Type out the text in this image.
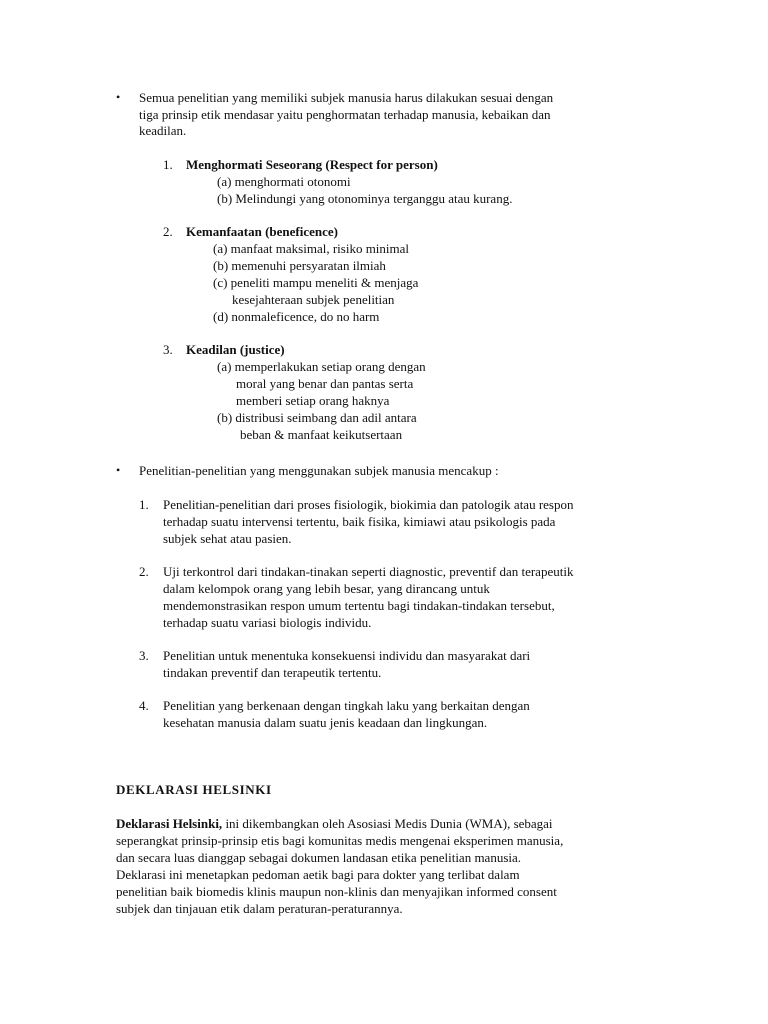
• Semua penelitian yang memiliki subjek manusia harus dilakukan sesuai dengan
tiga prinsip etik mendasar yaitu penghormatan terhadap manusia, kebaikan dan
keadilan.
1. Menghormati Seseorang (Respect for person)
(a) menghormati otonomi
(b) Melindungi yang otonominya terganggu atau kurang.
2. Kemanfaatan (beneficence)
(a) manfaat maksimal, risiko minimal
(b) memenuhi persyaratan ilmiah
(c) peneliti mampu meneliti & menjaga
kesejahteraan subjek penelitian
(d) nonmaleficence, do no harm
3. Keadilan (justice)
(a) memperlakukan setiap orang dengan
moral yang benar dan pantas serta
memberi setiap orang haknya
(b) distribusi seimbang dan adil antara
beban & manfaat keikutsertaan
• Penelitian-penelitian yang menggunakan subjek manusia mencakup :
1. Penelitian-penelitian dari proses fisiologik, biokimia dan patologik atau respon
terhadap suatu intervensi tertentu, baik fisika, kimiawi atau psikologis pada
subjek sehat atau pasien.
2. Uji terkontrol dari tindakan-tinakan seperti diagnostic, preventif dan terapeutik
dalam kelompok orang yang lebih besar, yang dirancang untuk
mendemonstrasikan respon umum tertentu bagi tindakan-tindakan tersebut,
terhadap suatu variasi biologis individu.
3. Penelitian untuk menentuka konsekuensi individu dan masyarakat dari
tindakan preventif dan terapeutik tertentu.
4. Penelitian yang berkenaan dengan tingkah laku yang berkaitan dengan
kesehatan manusia dalam suatu jenis keadaan dan lingkungan.
DEKLARASI HELSINKI
Deklarasi Helsinki, ini dikembangkan oleh Asosiasi Medis Dunia (WMA), sebagai
seperangkat prinsip-prinsip etis bagi komunitas medis mengenai eksperimen manusia,
dan secara luas dianggap sebagai dokumen landasan etika penelitian manusia.
Deklarasi ini menetapkan pedoman aetik bagi para dokter yang terlibat dalam
penelitian baik biomedis klinis maupun non-klinis dan menyajikan informed consent
subjek dan tinjauan etik dalam peraturan-peraturannya.
